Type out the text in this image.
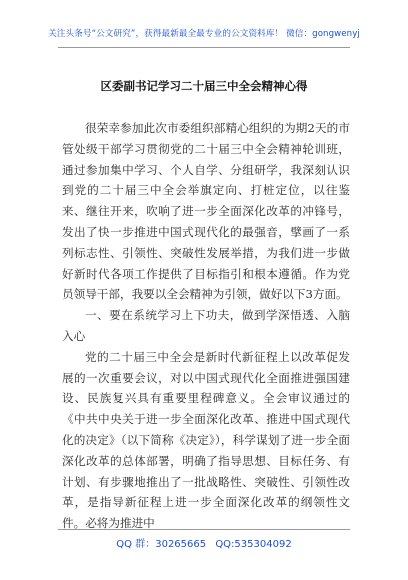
关注头条号“公文研究”，获得最新最全最专业的公文资料库！ 微信：gongwenyj
区委副书记学习二十届三中全会精神心得

很荣幸参加此次市委组织部精心组织的为期2天的市管处级干部学习贯彻党的二十届三中全会精神轮训班，通过参加集中学习、个人自学、分组研学，我深刻认识到党的二十届三中全会举旗定向、打桩定位，以往鉴来、继往开来，吹响了进一步全面深化改革的冲锋号，发出了快一步推进中国式现代化的最强音，擘画了一系列标志性、引领性、突破性发展举措，为我们进一步做好新时代各项工作提供了目标指引和根本遵循。作为党员领导干部，我要以全会精神为引领，做好以下3方面。

一、要在系统学习上下功夫，做到学深悟透、入脑入心

党的二十届三中全会是新时代新征程上以改革促发展的一次重要会议，对以中国式现代化全面推进强国建设、民族复兴具有重要里程碑意义。全会审议通过的《中共中央关于进一步全面深化改革、推进中国式现代化的决定》（以下简称《决定》），科学谋划了进一步全面深化改革的总体部署，明确了指导思想、目标任务、有计划、有步骤地推出了一批战略性、突破性、引领性改革，是指导新征程上进一步全面深化改革的纲领性文件。必将为推进中

QQ 群：30265665 QQ:535304092
